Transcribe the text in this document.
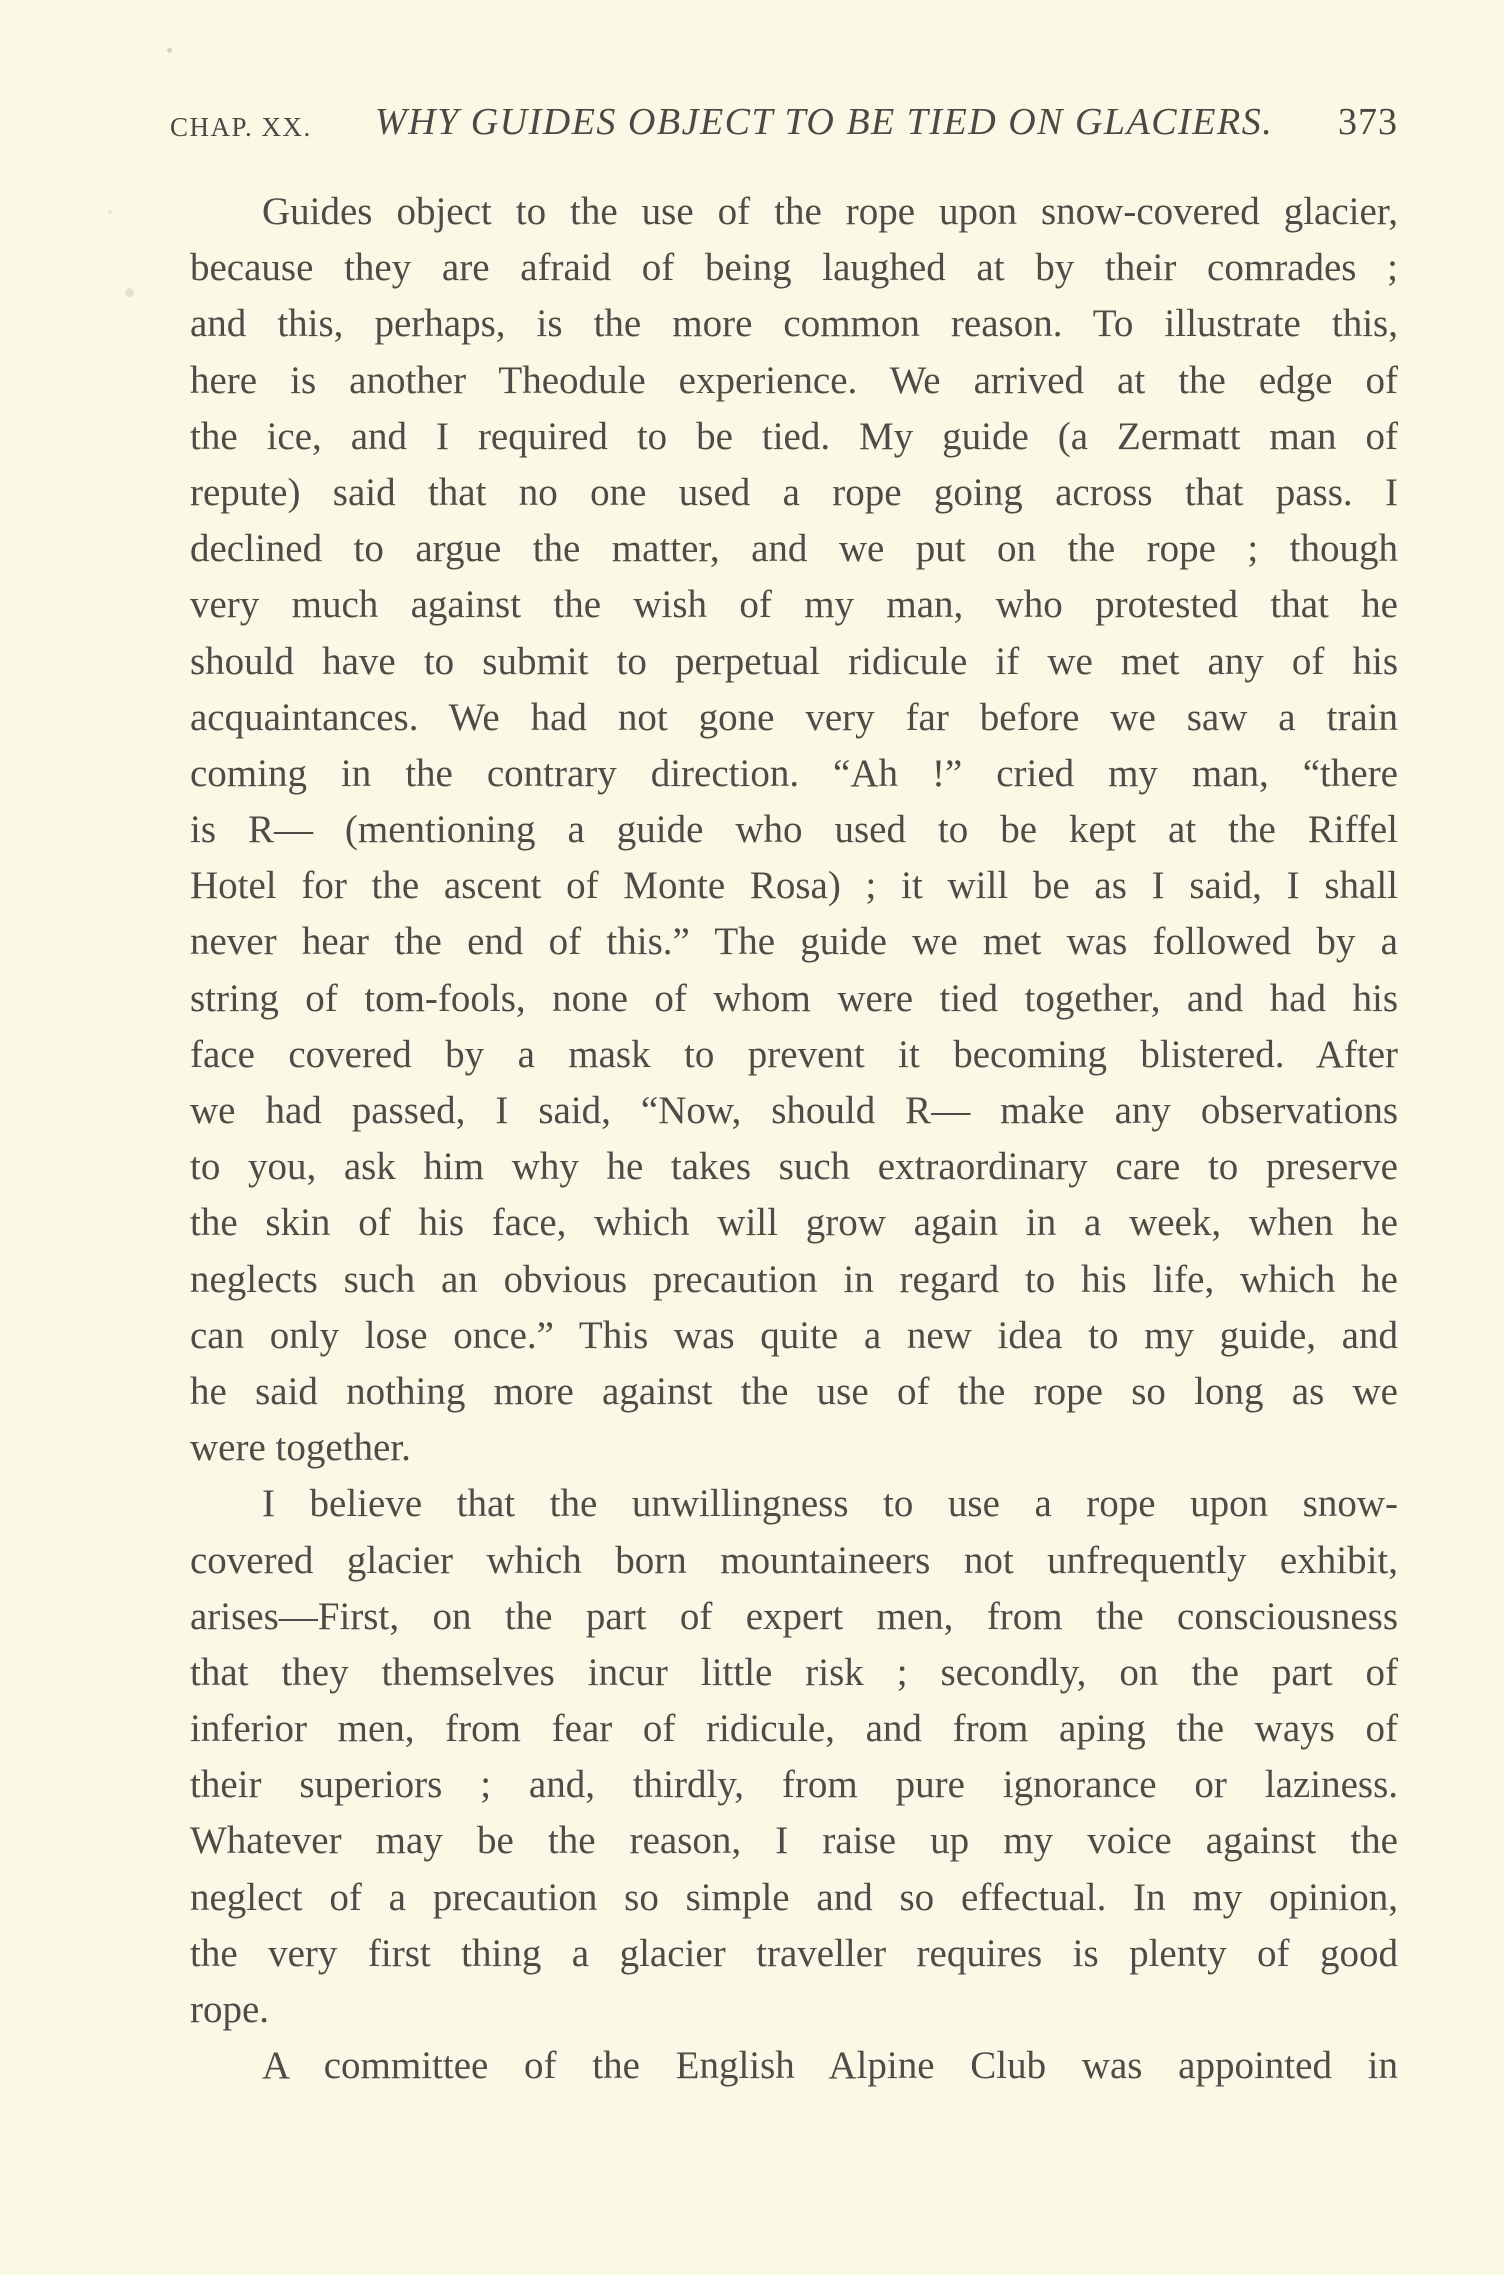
CHAP. XX. WHY GUIDES OBJECT TO BE TIED ON GLACIERS. 373
Guides object to the use of the rope upon snow-covered glacier,
because they are afraid of being laughed at by their comrades ;
and this, perhaps, is the more common reason. To illustrate this,
here is another Theodule experience. We arrived at the edge of
the ice, and I required to be tied. My guide (a Zermatt man of
repute) said that no one used a rope going across that pass. I
declined to argue the matter, and we put on the rope ; though
very much against the wish of my man, who protested that he
should have to submit to perpetual ridicule if we met any of his
acquaintances. We had not gone very far before we saw a train
coming in the contrary direction. “Ah !” cried my man, “there
is R— (mentioning a guide who used to be kept at the Riffel
Hotel for the ascent of Monte Rosa) ; it will be as I said, I shall
never hear the end of this.” The guide we met was followed by a
string of tom-fools, none of whom were tied together, and had his
face covered by a mask to prevent it becoming blistered. After
we had passed, I said, “Now, should R— make any observations
to you, ask him why he takes such extraordinary care to preserve
the skin of his face, which will grow again in a week, when he
neglects such an obvious precaution in regard to his life, which he
can only lose once.” This was quite a new idea to my guide, and
he said nothing more against the use of the rope so long as we
were together.
I believe that the unwillingness to use a rope upon snow-
covered glacier which born mountaineers not unfrequently exhibit,
arises—First, on the part of expert men, from the consciousness
that they themselves incur little risk ; secondly, on the part of
inferior men, from fear of ridicule, and from aping the ways of
their superiors ; and, thirdly, from pure ignorance or laziness.
Whatever may be the reason, I raise up my voice against the
neglect of a precaution so simple and so effectual. In my opinion,
the very first thing a glacier traveller requires is plenty of good
rope.
A committee of the English Alpine Club was appointed in
